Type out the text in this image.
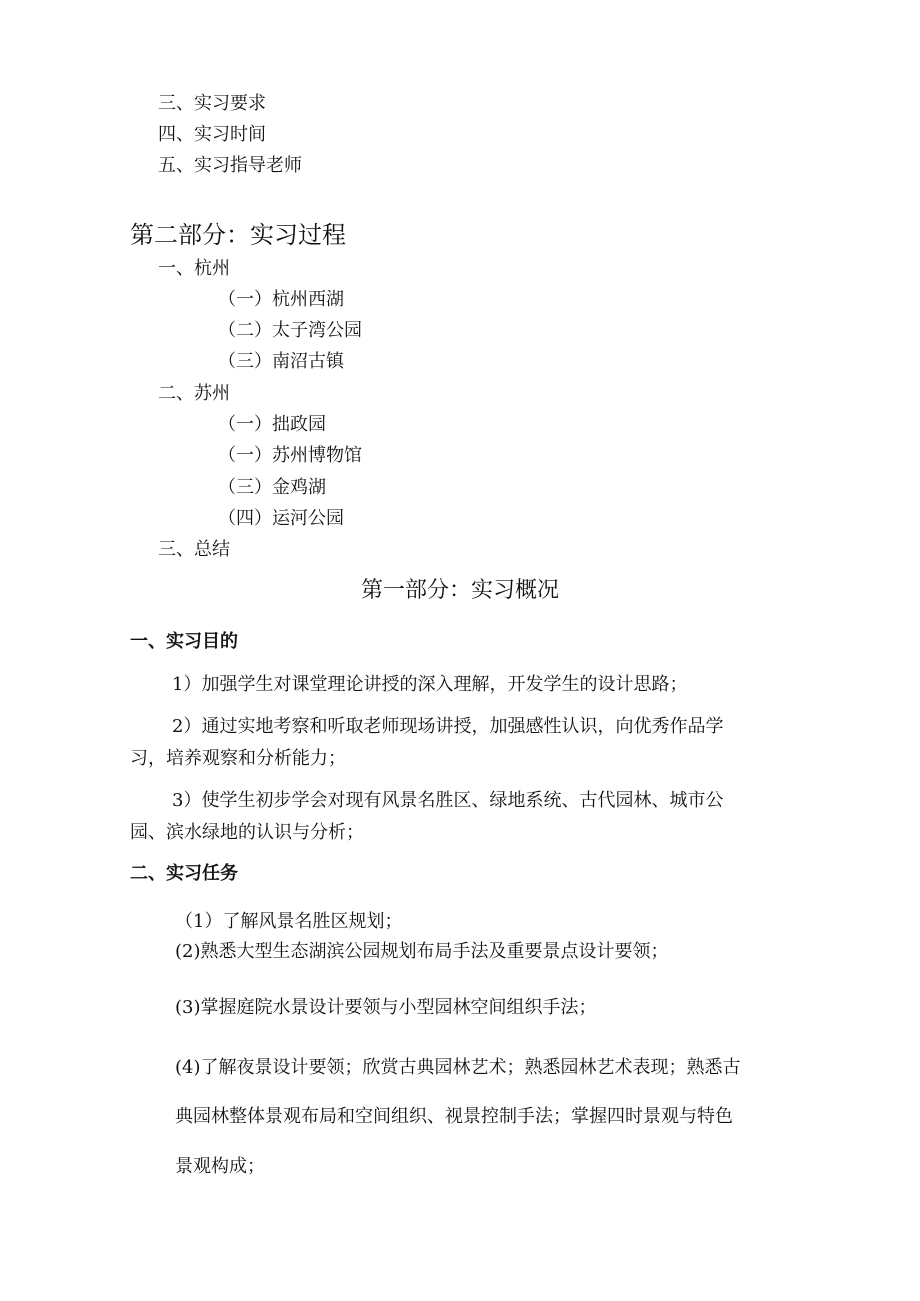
三、实习要求
四、实习时间
五、实习指导老师
第二部分：实习过程
一、杭州
（一）杭州西湖
（二）太子湾公园
（三）南沼古镇
二、苏州
（一）拙政园
（一）苏州博物馆
（三）金鸡湖
（四）运河公园
三、总结
第一部分：实习概况
一、实习目的
1）加强学生对课堂理论讲授的深入理解，开发学生的设计思路；
2）通过实地考察和听取老师现场讲授，加强感性认识，向优秀作品学
习，培养观察和分析能力；
3）使学生初步学会对现有风景名胜区、绿地系统、古代园林、城市公
园、滨水绿地的认识与分析；
二、实习任务
（1）了解风景名胜区规划；
(2)熟悉大型生态湖滨公园规划布局手法及重要景点设计要领；
(3)掌握庭院水景设计要领与小型园林空间组织手法；
(4)了解夜景设计要领；欣赏古典园林艺术；熟悉园林艺术表现；熟悉古
典园林整体景观布局和空间组织、视景控制手法；掌握四时景观与特色
景观构成；
